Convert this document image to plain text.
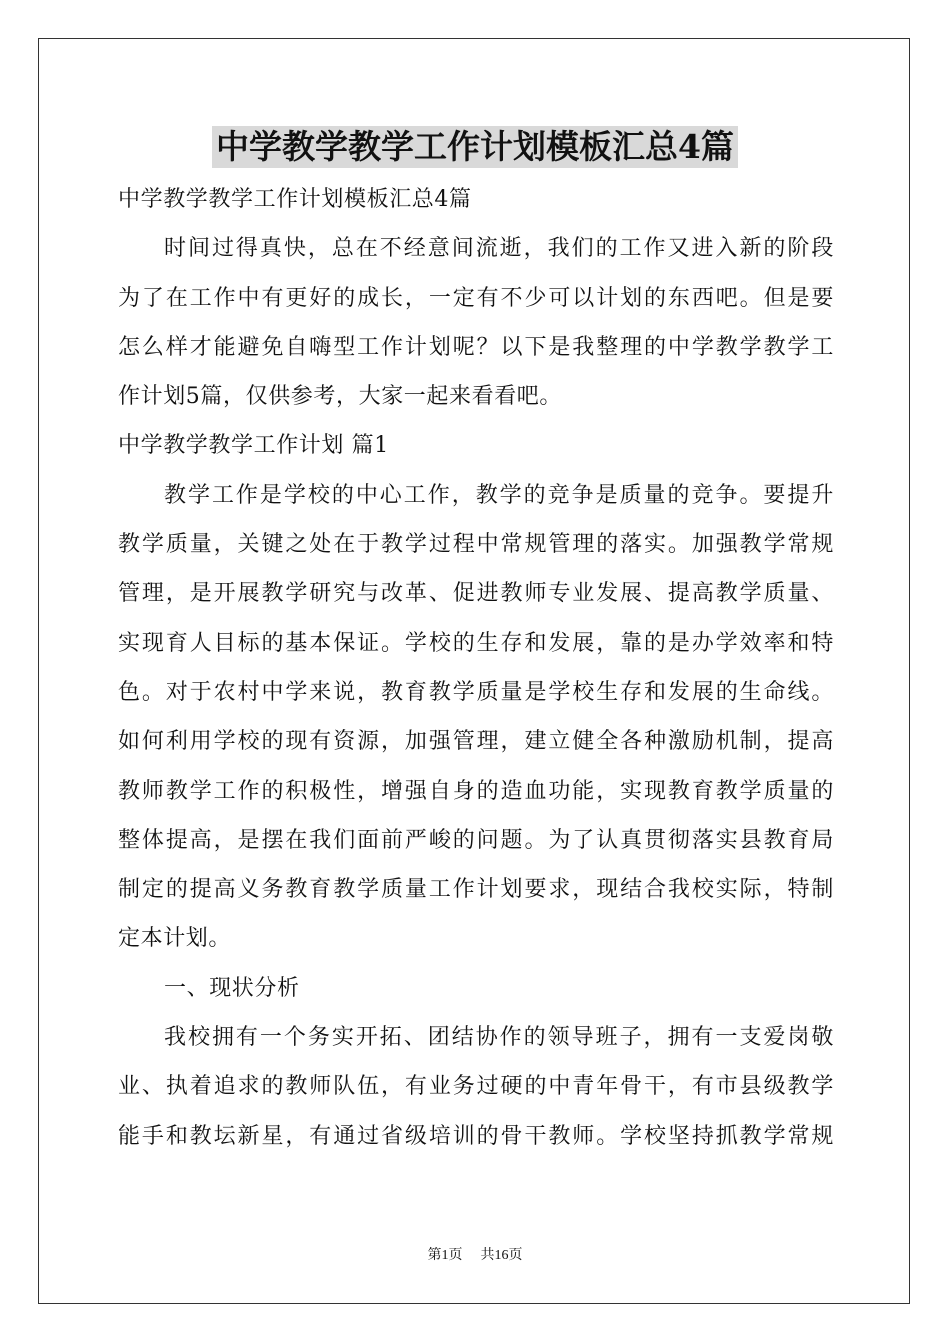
中学教学教学工作计划模板汇总4篇
中学教学教学工作计划模板汇总4篇
时间过得真快，总在不经意间流逝，我们的工作又进入新的阶段
为了在工作中有更好的成长，一定有不少可以计划的东西吧。但是要
怎么样才能避免自嗨型工作计划呢？以下是我整理的中学教学教学工
作计划5篇，仅供参考，大家一起来看看吧。
中学教学教学工作计划 篇1
教学工作是学校的中心工作，教学的竞争是质量的竞争。要提升
教学质量，关键之处在于教学过程中常规管理的落实。加强教学常规
管理，是开展教学研究与改革、促进教师专业发展、提高教学质量、
实现育人目标的基本保证。学校的生存和发展，靠的是办学效率和特
色。对于农村中学来说，教育教学质量是学校生存和发展的生命线。
如何利用学校的现有资源，加强管理，建立健全各种激励机制，提高
教师教学工作的积极性，增强自身的造血功能，实现教育教学质量的
整体提高，是摆在我们面前严峻的问题。为了认真贯彻落实县教育局
制定的提高义务教育教学质量工作计划要求，现结合我校实际，特制
定本计划。
一、现状分析
我校拥有一个务实开拓、团结协作的领导班子，拥有一支爱岗敬
业、执着追求的教师队伍，有业务过硬的中青年骨干，有市县级教学
能手和教坛新星，有通过省级培训的骨干教师。学校坚持抓教学常规
第1页 共16页
